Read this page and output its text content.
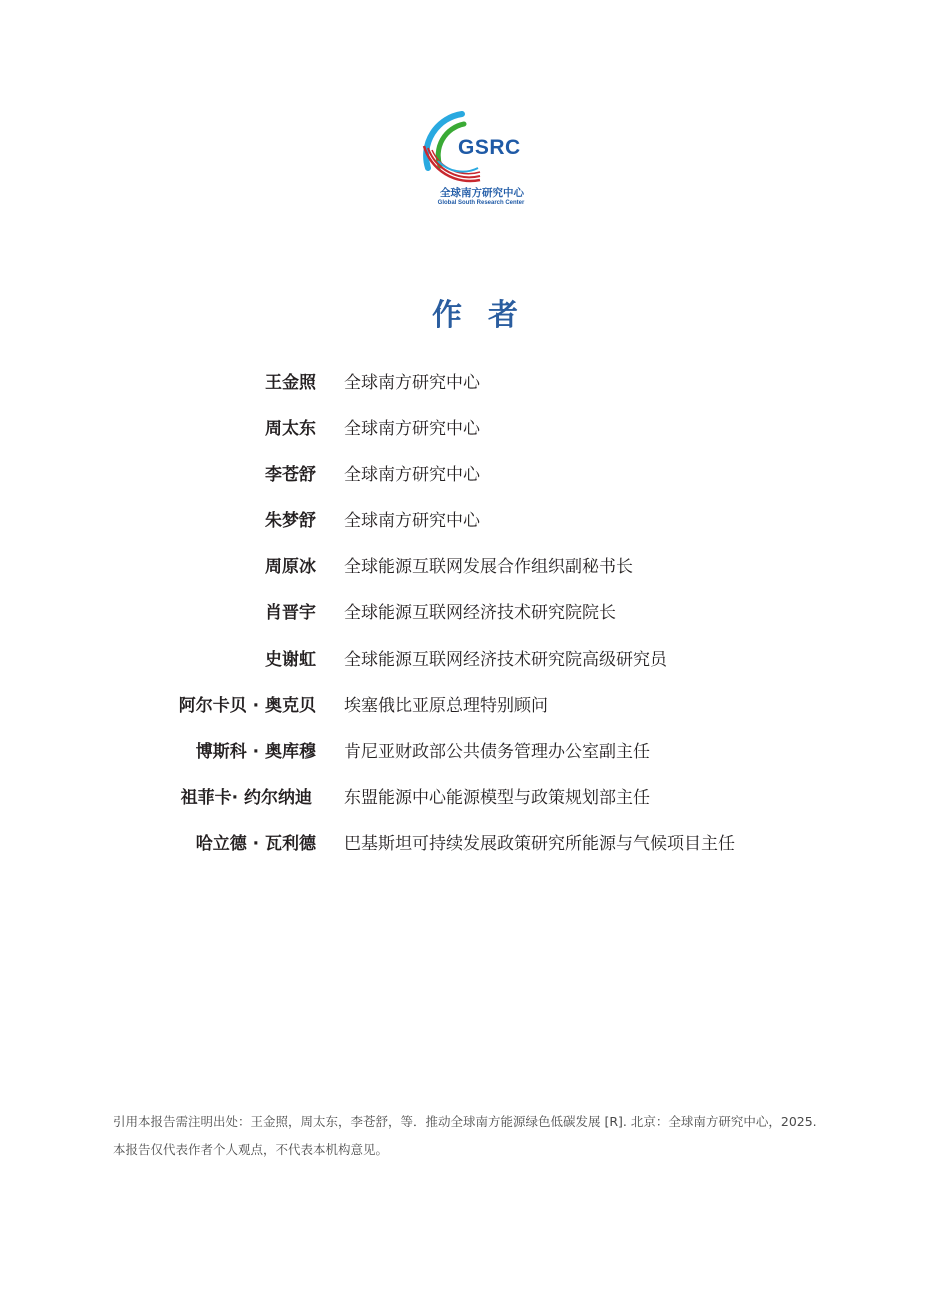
GSRC
全球南方研究中心
Global South Research Center
作者
王金照 全球南方研究中心
周太东 全球南方研究中心
李苍舒 全球南方研究中心
朱梦舒 全球南方研究中心
周原冰 全球能源互联网发展合作组织副秘书长
肖晋宇 全球能源互联网经济技术研究院院长
史谢虹 全球能源互联网经济技术研究院高级研究员
阿尔卡贝 · 奥克贝 埃塞俄比亚原总理特别顾问
博斯科 · 奥库穆 肯尼亚财政部公共债务管理办公室副主任
祖菲卡· 约尔纳迪 东盟能源中心能源模型与政策规划部主任
哈立德 · 瓦利德 巴基斯坦可持续发展政策研究所能源与气候项目主任

引用本报告需注明出处：王金照，周太东，李苍舒，等．推动全球南方能源绿色低碳发展 [R]. 北京：全球南方研究中心，2025.

本报告仅代表作者个人观点，不代表本机构意见。
